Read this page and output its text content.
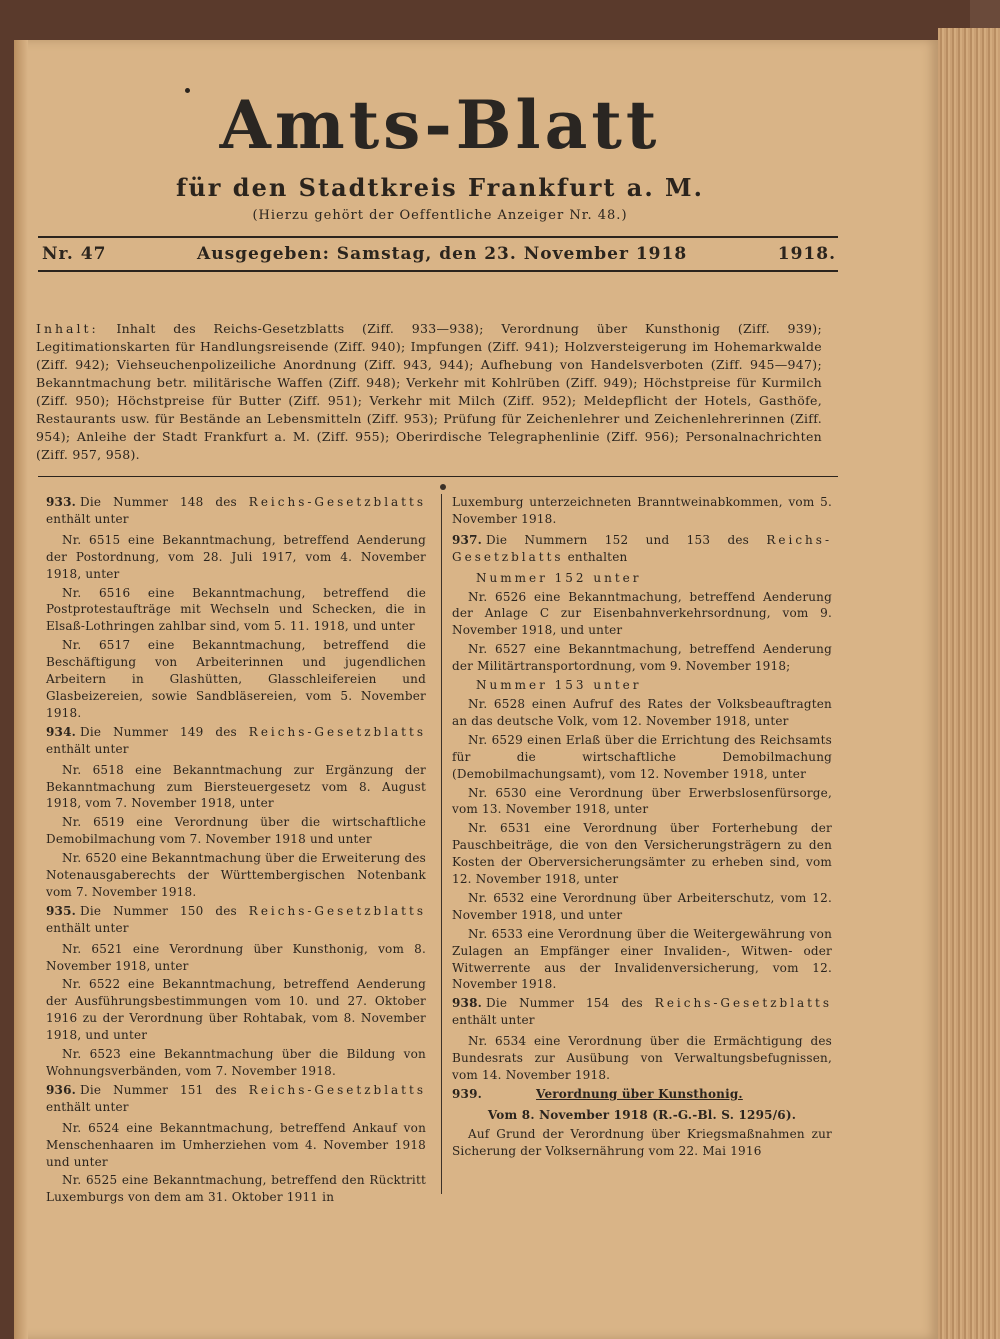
Amts-Blatt
für den Stadtkreis Frankfurt a. M.
(Hierzu gehört der Oeffentliche Anzeiger Nr. 48.)
Nr. 47	Ausgegeben: Samstag, den 23. November 1918	1918.
Inhalt: Inhalt des Reichs-Gesetzblatts (Ziff. 933—938); Verordnung über Kunsthonig (Ziff. 939); Legitimationskarten für Handlungsreisende (Ziff. 940); Impfungen (Ziff. 941); Holzversteigerung im Hohemarkwalde (Ziff. 942); Viehseuchenpolizeiliche Anordnung (Ziff. 943, 944); Aufhebung von Handelsverboten (Ziff. 945—947); Bekanntmachung betr. militärische Waffen (Ziff. 948); Verkehr mit Kohlrüben (Ziff. 949); Höchstpreise für Kurmilch (Ziff. 950); Höchstpreise für Butter (Ziff. 951); Verkehr mit Milch (Ziff. 952); Meldepflicht der Hotels, Gasthöfe, Restaurants usw. für Bestände an Lebensmitteln (Ziff. 953); Prüfung für Zeichenlehrer und Zeichenlehrerinnen (Ziff. 954); Anleihe der Stadt Frankfurt a. M. (Ziff. 955); Oberirdische Telegraphenlinie (Ziff. 956); Personalnachrichten (Ziff. 957, 958).

933. Die Nummer 148 des Reichs-Gesetzblatts enthält unter

Nr. 6515 eine Bekanntmachung, betreffend Aenderung der Postordnung, vom 28. Juli 1917, vom 4. November 1918, unter

Nr. 6516 eine Bekanntmachung, betreffend die Postprotestaufträge mit Wechseln und Schecken, die in Elsaß-Lothringen zahlbar sind, vom 5. 11. 1918, und unter

Nr. 6517 eine Bekanntmachung, betreffend die Beschäftigung von Arbeiterinnen und jugendlichen Arbeitern in Glashütten, Glasschleifereien und Glasbeizereien, sowie Sandbläsereien, vom 5. November 1918.

934. Die Nummer 149 des Reichs-Gesetzblatts enthält unter

Nr. 6518 eine Bekanntmachung zur Ergänzung der Bekanntmachung zum Biersteuergesetz vom 8. August 1918, vom 7. November 1918, unter

Nr. 6519 eine Verordnung über die wirtschaftliche Demobilmachung vom 7. November 1918 und unter

Nr. 6520 eine Bekanntmachung über die Erweiterung des Notenausgaberechts der Württembergischen Notenbank vom 7. November 1918.

935. Die Nummer 150 des Reichs-Gesetzblatts enthält unter

Nr. 6521 eine Verordnung über Kunsthonig, vom 8. November 1918, unter

Nr. 6522 eine Bekanntmachung, betreffend Aenderung der Ausführungsbestimmungen vom 10. und 27. Oktober 1916 zu der Verordnung über Rohtabak, vom 8. November 1918, und unter

Nr. 6523 eine Bekanntmachung über die Bildung von Wohnungsverbänden, vom 7. November 1918.

936. Die Nummer 151 des Reichs-Gesetzblatts enthält unter

Nr. 6524 eine Bekanntmachung, betreffend Ankauf von Menschenhaaren im Umherziehen vom 4. November 1918 und unter

Nr. 6525 eine Bekanntmachung, betreffend den Rücktritt Luxemburgs von dem am 31. Oktober 1911 in

Luxemburg unterzeichneten Branntweinabkommen, vom 5. November 1918.

937. Die Nummern 152 und 153 des Reichs-Gesetzblatts enthalten

Nummer 152 unter

Nr. 6526 eine Bekanntmachung, betreffend Aenderung der Anlage C zur Eisenbahnverkehrsordnung, vom 9. November 1918, und unter

Nr. 6527 eine Bekanntmachung, betreffend Aenderung der Militärtransportordnung, vom 9. November 1918;

Nummer 153 unter

Nr. 6528 einen Aufruf des Rates der Volksbeauftragten an das deutsche Volk, vom 12. November 1918, unter

Nr. 6529 einen Erlaß über die Errichtung des Reichsamts für die wirtschaftliche Demobilmachung (Demobilmachungsamt), vom 12. November 1918, unter

Nr. 6530 eine Verordnung über Erwerbslosenfürsorge, vom 13. November 1918, unter

Nr. 6531 eine Verordnung über Forterhebung der Pauschbeiträge, die von den Versicherungsträgern zu den Kosten der Oberversicherungsämter zu erheben sind, vom 12. November 1918, unter

Nr. 6532 eine Verordnung über Arbeiterschutz, vom 12. November 1918, und unter

Nr. 6533 eine Verordnung über die Weitergewährung von Zulagen an Empfänger einer Invaliden-, Witwen- oder Witwerrente aus der Invalidenversicherung, vom 12. November 1918.

938. Die Nummer 154 des Reichs-Gesetzblatts enthält unter

Nr. 6534 eine Verordnung über die Ermächtigung des Bundesrats zur Ausübung von Verwaltungsbefugnissen, vom 14. November 1918.

939.	Verordnung über Kunsthonig.

Vom 8. November 1918 (R.-G.-Bl. S. 1295/6).

Auf Grund der Verordnung über Kriegsmaßnahmen zur Sicherung der Volksernährung vom 22. Mai 1916
